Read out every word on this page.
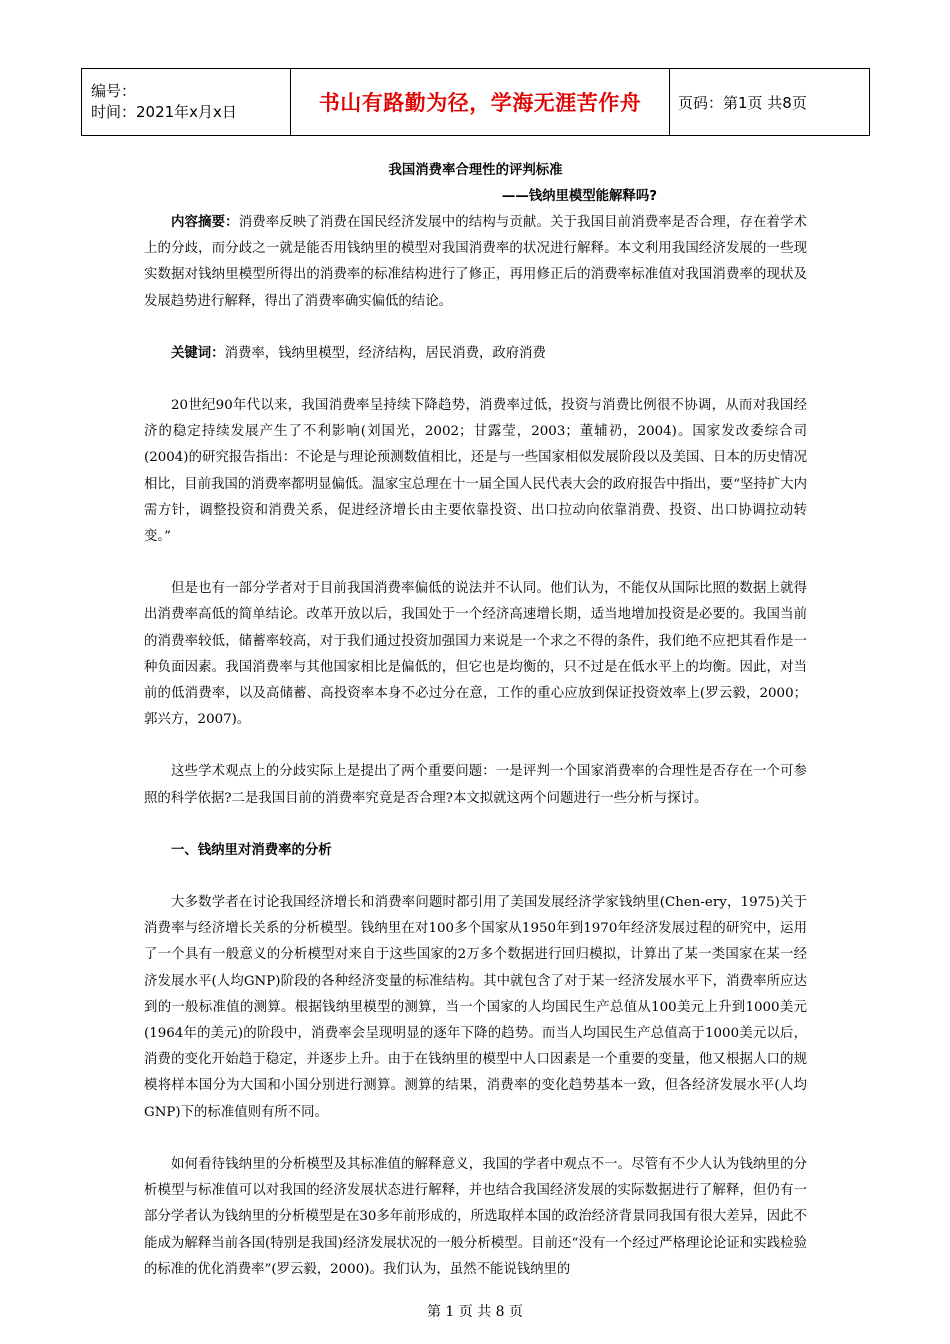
编号：
时间：2021年x月x日	书山有路勤为径，学海无涯苦作舟	页码：第1页 共8页
我国消费率合理性的评判标准
——钱纳里模型能解释吗?

内容摘要：消费率反映了消费在国民经济发展中的结构与贡献。关于我国目前消费率是否合理，存在着学术上的分歧，而分歧之一就是能否用钱纳里的模型对我国消费率的状况进行解释。本文利用我国经济发展的一些现实数据对钱纳里模型所得出的消费率的标准结构进行了修正，再用修正后的消费率标准值对我国消费率的现状及发展趋势进行解释，得出了消费率确实偏低的结论。

关键词：消费率，钱纳里模型，经济结构，居民消费，政府消费

20世纪90年代以来，我国消费率呈持续下降趋势，消费率过低，投资与消费比例很不协调，从而对我国经济的稳定持续发展产生了不利影响(刘国光，2002；甘露莹，2003；董辅礽，2004)。国家发改委综合司(2004)的研究报告指出：不论是与理论预测数值相比，还是与一些国家相似发展阶段以及美国、日本的历史情况相比，目前我国的消费率都明显偏低。温家宝总理在十一届全国人民代表大会的政府报告中指出，要“坚持扩大内需方针，调整投资和消费关系，促进经济增长由主要依靠投资、出口拉动向依靠消费、投资、出口协调拉动转变。”

但是也有一部分学者对于目前我国消费率偏低的说法并不认同。他们认为，不能仅从国际比照的数据上就得出消费率高低的简单结论。改革开放以后，我国处于一个经济高速增长期，适当地增加投资是必要的。我国当前的消费率较低，储蓄率较高，对于我们通过投资加强国力来说是一个求之不得的条件，我们绝不应把其看作是一种负面因素。我国消费率与其他国家相比是偏低的，但它也是均衡的，只不过是在低水平上的均衡。因此，对当前的低消费率，以及高储蓄、高投资率本身不必过分在意，工作的重心应放到保证投资效率上(罗云毅，2000；郭兴方，2007)。

这些学术观点上的分歧实际上是提出了两个重要问题：一是评判一个国家消费率的合理性是否存在一个可参照的科学依据?二是我国目前的消费率究竟是否合理?本文拟就这两个问题进行一些分析与探讨。

一、钱纳里对消费率的分析

大多数学者在讨论我国经济增长和消费率问题时都引用了美国发展经济学家钱纳里(Chen-ery，1975)关于消费率与经济增长关系的分析模型。钱纳里在对100多个国家从1950年到1970年经济发展过程的研究中，运用了一个具有一般意义的分析模型对来自于这些国家的2万多个数据进行回归模拟，计算出了某一类国家在某一经济发展水平(人均GNP)阶段的各种经济变量的标准结构。其中就包含了对于某一经济发展水平下，消费率所应达到的一般标准值的测算。根据钱纳里模型的测算，当一个国家的人均国民生产总值从100美元上升到1000美元(1964年的美元)的阶段中，消费率会呈现明显的逐年下降的趋势。而当人均国民生产总值高于1000美元以后，消费的变化开始趋于稳定，并逐步上升。由于在钱纳里的模型中人口因素是一个重要的变量，他又根据人口的规模将样本国分为大国和小国分别进行测算。测算的结果，消费率的变化趋势基本一致，但各经济发展水平(人均GNP)下的标准值则有所不同。

如何看待钱纳里的分析模型及其标准值的解释意义，我国的学者中观点不一。尽管有不少人认为钱纳里的分析模型与标准值可以对我国的经济发展状态进行解释，并也结合我国经济发展的实际数据进行了解释，但仍有一部分学者认为钱纳里的分析模型是在30多年前形成的，所选取样本国的政治经济背景同我国有很大差异，因此不能成为解释当前各国(特别是我国)经济发展状况的一般分析模型。目前还“没有一个经过严格理论论证和实践检验的标准的优化消费率”(罗云毅，2000)。我们认为，虽然不能说钱纳里的

第 1 页 共 8 页
